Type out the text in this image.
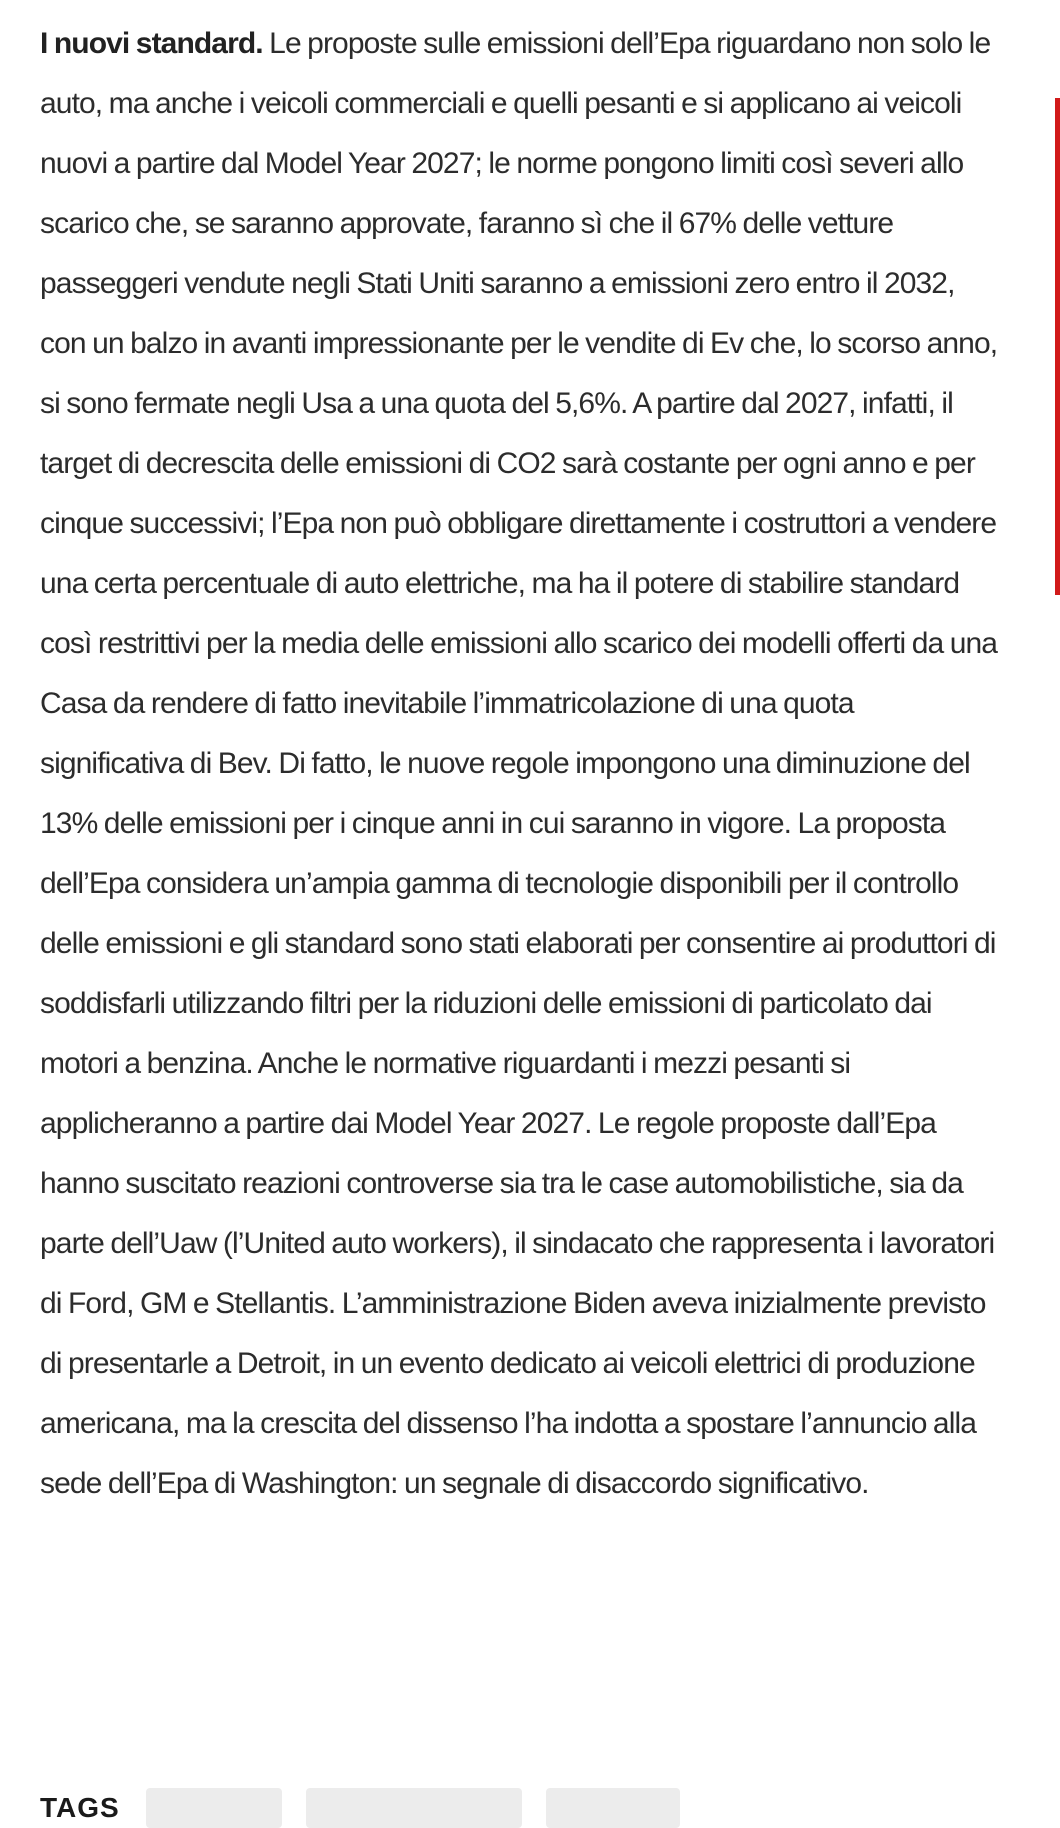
I nuovi standard. Le proposte sulle emissioni dell’Epa riguardano non solo le auto, ma anche i veicoli commerciali e quelli pesanti e si applicano ai veicoli nuovi a partire dal Model Year 2027; le norme pongono limiti così severi allo scarico che, se saranno approvate, faranno sì che il 67% delle vetture passeggeri vendute negli Stati Uniti saranno a emissioni zero entro il 2032, con un balzo in avanti impressionante per le vendite di Ev che, lo scorso anno, si sono fermate negli Usa a una quota del 5,6%. A partire dal 2027, infatti, il target di decrescita delle emissioni di CO2 sarà costante per ogni anno e per cinque successivi; l’Epa non può obbligare direttamente i costruttori a vendere una certa percentuale di auto elettriche, ma ha il potere di stabilire standard così restrittivi per la media delle emissioni allo scarico dei modelli offerti da una Casa da rendere di fatto inevitabile l’immatricolazione di una quota significativa di Bev. Di fatto, le nuove regole impongono una diminuzione del 13% delle emissioni per i cinque anni in cui saranno in vigore. La proposta dell’Epa considera un’ampia gamma di tecnologie disponibili per il controllo delle emissioni e gli standard sono stati elaborati per consentire ai produttori di soddisfarli utilizzando filtri per la riduzioni delle emissioni di particolato dai motori a benzina. Anche le normative riguardanti i mezzi pesanti si applicheranno a partire dai Model Year 2027. Le regole proposte dall’Epa hanno suscitato reazioni controverse sia tra le case automobilistiche, sia da parte dell’Uaw (l’United auto workers), il sindacato che rappresenta i lavoratori di Ford, GM e Stellantis. L’amministrazione Biden aveva inizialmente previsto di presentarle a Detroit, in un evento dedicato ai veicoli elettrici di produzione americana, ma la crescita del dissenso l’ha indotta a spostare l’annuncio alla sede dell’Epa di Washington: un segnale di disaccordo significativo.

TAGS
